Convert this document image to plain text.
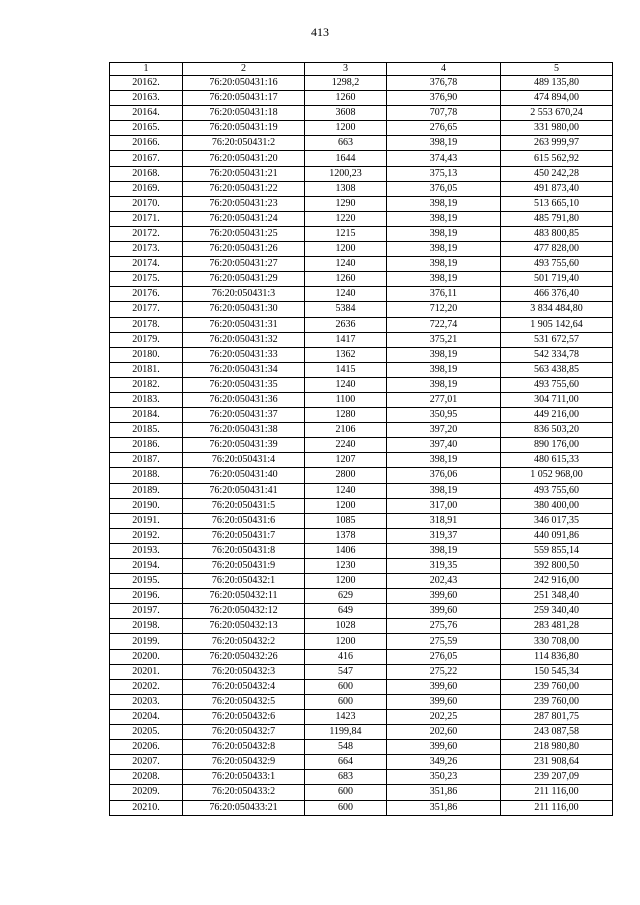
413
1	2	3	4	5
20162.	76:20:050431:16	1298,2	376,78	489 135,80
20163.	76:20:050431:17	1260	376,90	474 894,00
20164.	76:20:050431:18	3608	707,78	2 553 670,24
20165.	76:20:050431:19	1200	276,65	331 980,00
20166.	76:20:050431:2	663	398,19	263 999,97
20167.	76:20:050431:20	1644	374,43	615 562,92
20168.	76:20:050431:21	1200,23	375,13	450 242,28
20169.	76:20:050431:22	1308	376,05	491 873,40
20170.	76:20:050431:23	1290	398,19	513 665,10
20171.	76:20:050431:24	1220	398,19	485 791,80
20172.	76:20:050431:25	1215	398,19	483 800,85
20173.	76:20:050431:26	1200	398,19	477 828,00
20174.	76:20:050431:27	1240	398,19	493 755,60
20175.	76:20:050431:29	1260	398,19	501 719,40
20176.	76:20:050431:3	1240	376,11	466 376,40
20177.	76:20:050431:30	5384	712,20	3 834 484,80
20178.	76:20:050431:31	2636	722,74	1 905 142,64
20179.	76:20:050431:32	1417	375,21	531 672,57
20180.	76:20:050431:33	1362	398,19	542 334,78
20181.	76:20:050431:34	1415	398,19	563 438,85
20182.	76:20:050431:35	1240	398,19	493 755,60
20183.	76:20:050431:36	1100	277,01	304 711,00
20184.	76:20:050431:37	1280	350,95	449 216,00
20185.	76:20:050431:38	2106	397,20	836 503,20
20186.	76:20:050431:39	2240	397,40	890 176,00
20187.	76:20:050431:4	1207	398,19	480 615,33
20188.	76:20:050431:40	2800	376,06	1 052 968,00
20189.	76:20:050431:41	1240	398,19	493 755,60
20190.	76:20:050431:5	1200	317,00	380 400,00
20191.	76:20:050431:6	1085	318,91	346 017,35
20192.	76:20:050431:7	1378	319,37	440 091,86
20193.	76:20:050431:8	1406	398,19	559 855,14
20194.	76:20:050431:9	1230	319,35	392 800,50
20195.	76:20:050432:1	1200	202,43	242 916,00
20196.	76:20:050432:11	629	399,60	251 348,40
20197.	76:20:050432:12	649	399,60	259 340,40
20198.	76:20:050432:13	1028	275,76	283 481,28
20199.	76:20:050432:2	1200	275,59	330 708,00
20200.	76:20:050432:26	416	276,05	114 836,80
20201.	76:20:050432:3	547	275,22	150 545,34
20202.	76:20:050432:4	600	399,60	239 760,00
20203.	76:20:050432:5	600	399,60	239 760,00
20204.	76:20:050432:6	1423	202,25	287 801,75
20205.	76:20:050432:7	1199,84	202,60	243 087,58
20206.	76:20:050432:8	548	399,60	218 980,80
20207.	76:20:050432:9	664	349,26	231 908,64
20208.	76:20:050433:1	683	350,23	239 207,09
20209.	76:20:050433:2	600	351,86	211 116,00
20210.	76:20:050433:21	600	351,86	211 116,00
